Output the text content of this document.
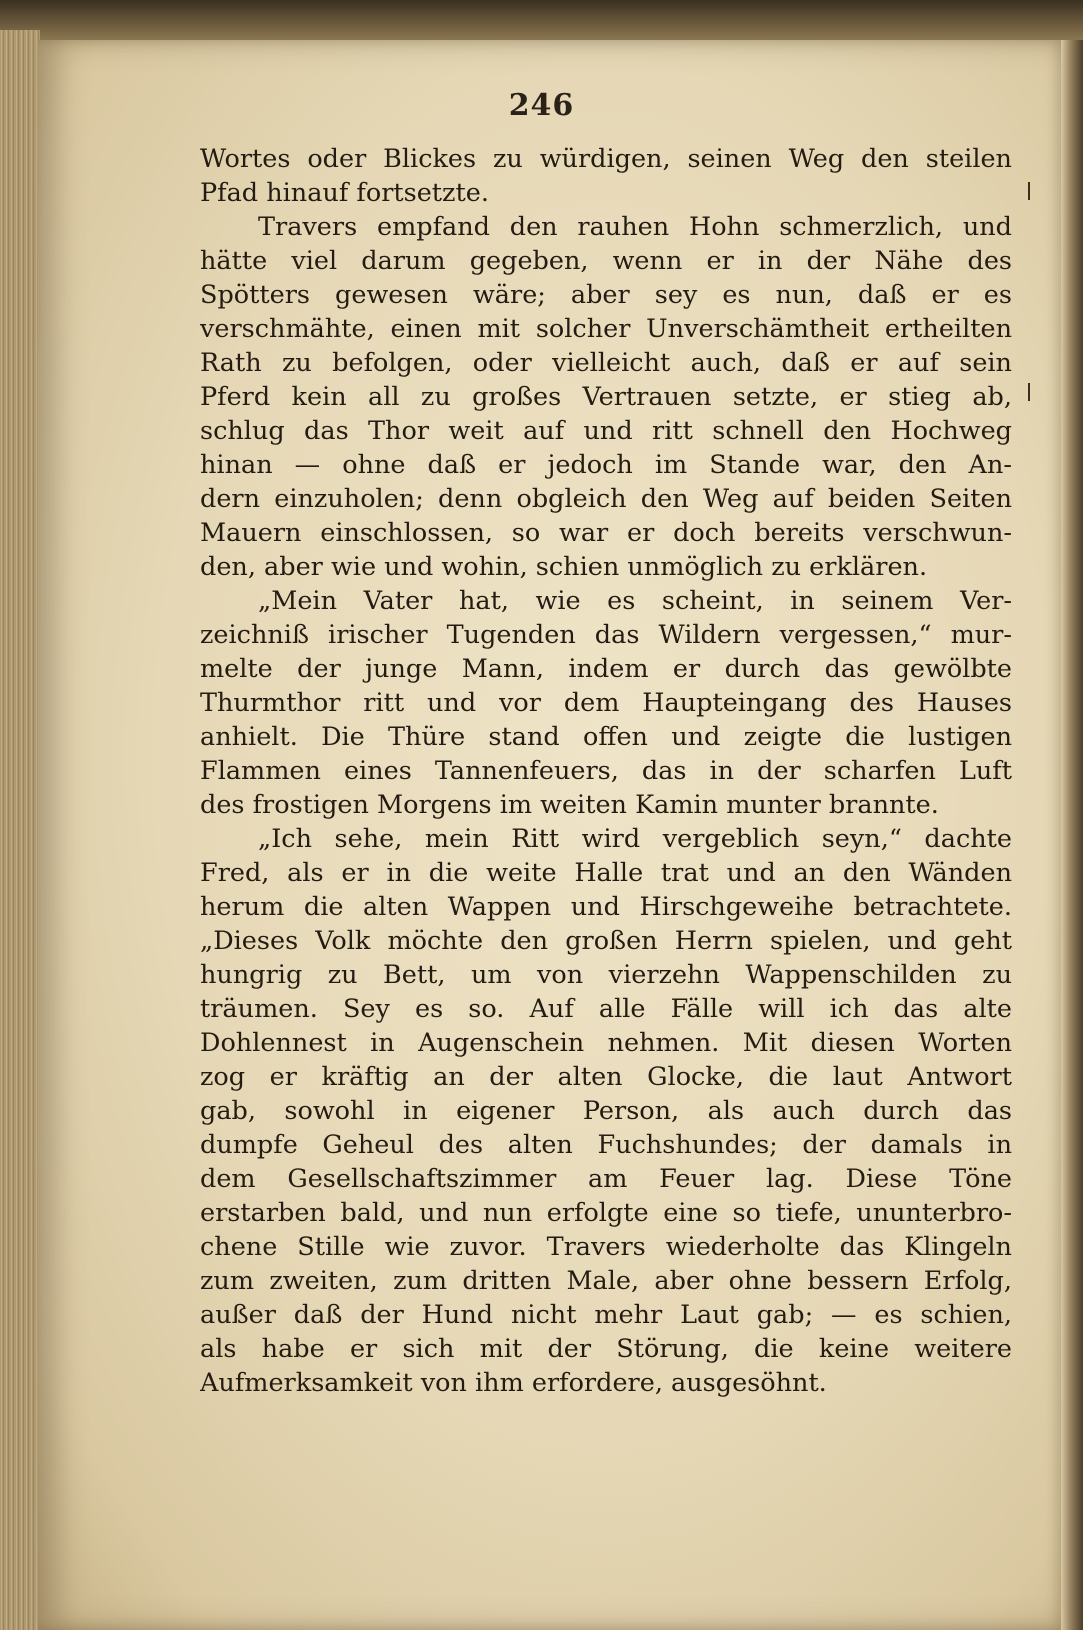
246
Wortes oder Blickes zu würdigen, seinen Weg den steilen
Pfad hinauf fortsetzte.
Travers empfand den rauhen Hohn schmerzlich, und
hätte viel darum gegeben, wenn er in der Nähe des
Spötters gewesen wäre; aber sey es nun, daß er es
verschmähte, einen mit solcher Unverschämtheit ertheilten
Rath zu befolgen, oder vielleicht auch, daß er auf sein
Pferd kein all zu großes Vertrauen setzte, er stieg ab,
schlug das Thor weit auf und ritt schnell den Hochweg
hinan — ohne daß er jedoch im Stande war, den An-
dern einzuholen; denn obgleich den Weg auf beiden Seiten
Mauern einschlossen, so war er doch bereits verschwun-
den, aber wie und wohin, schien unmöglich zu erklären.
„Mein Vater hat, wie es scheint, in seinem Ver-
zeichniß irischer Tugenden das Wildern vergessen,“ mur-
melte der junge Mann, indem er durch das gewölbte
Thurmthor ritt und vor dem Haupteingang des Hauses
anhielt. Die Thüre stand offen und zeigte die lustigen
Flammen eines Tannenfeuers, das in der scharfen Luft
des frostigen Morgens im weiten Kamin munter brannte.
„Ich sehe, mein Ritt wird vergeblich seyn,“ dachte
Fred, als er in die weite Halle trat und an den Wänden
herum die alten Wappen und Hirschgeweihe betrachtete.
„Dieses Volk möchte den großen Herrn spielen, und geht
hungrig zu Bett, um von vierzehn Wappenschilden zu
träumen. Sey es so. Auf alle Fälle will ich das alte
Dohlennest in Augenschein nehmen. Mit diesen Worten
zog er kräftig an der alten Glocke, die laut Antwort
gab, sowohl in eigener Person, als auch durch das
dumpfe Geheul des alten Fuchshundes; der damals in
dem Gesellschaftszimmer am Feuer lag. Diese Töne
erstarben bald, und nun erfolgte eine so tiefe, ununterbro-
chene Stille wie zuvor. Travers wiederholte das Klingeln
zum zweiten, zum dritten Male, aber ohne bessern Erfolg,
außer daß der Hund nicht mehr Laut gab; — es schien,
als habe er sich mit der Störung, die keine weitere
Aufmerksamkeit von ihm erfordere, ausgesöhnt.
